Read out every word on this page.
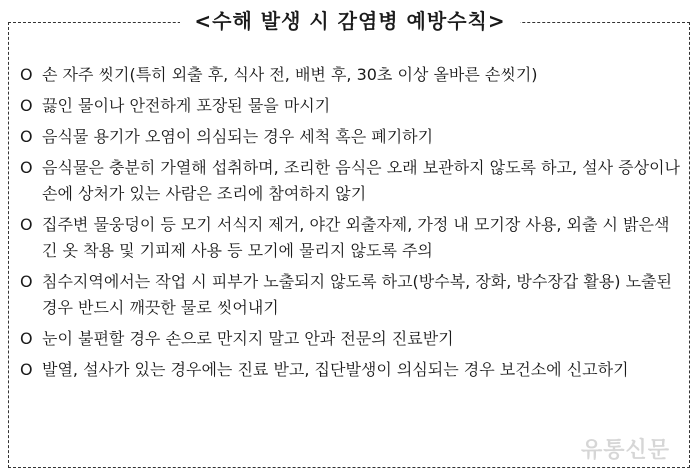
<수해 발생 시 감염병 예방수칙>
O 손 자주 씻기(특히 외출 후, 식사 전, 배변 후, 30초 이상 올바른 손씻기)
O 끓인 물이나 안전하게 포장된 물을 마시기
O 음식물 용기가 오염이 의심되는 경우 세척 혹은 폐기하기
O 음식물은 충분히 가열해 섭취하며, 조리한 음식은 오래 보관하지 않도록 하고, 설사 증상이나 손에 상처가 있는 사람은 조리에 참여하지 않기
O 집주변 물웅덩이 등 모기 서식지 제거, 야간 외출자제, 가정 내 모기장 사용, 외출 시 밝은색 긴 옷 착용 및 기피제 사용 등 모기에 물리지 않도록 주의
O 침수지역에서는 작업 시 피부가 노출되지 않도록 하고(방수복, 장화, 방수장갑 활용) 노출된 경우 반드시 깨끗한 물로 씻어내기
O 눈이 불편할 경우 손으로 만지지 말고 안과 전문의 진료받기
O 발열, 설사가 있는 경우에는 진료 받고, 집단발생이 의심되는 경우 보건소에 신고하기
유통신문
